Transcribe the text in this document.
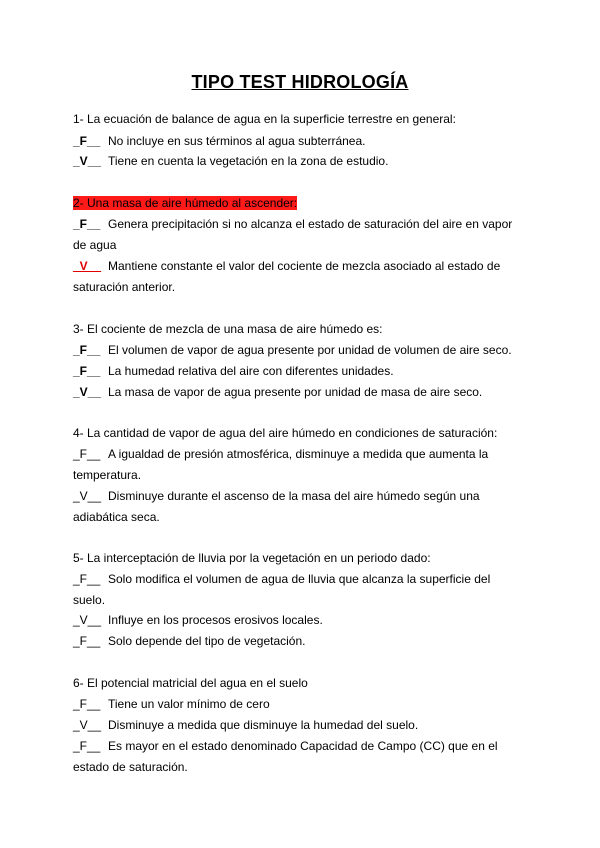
TIPO TEST HIDROLOGÍA
1- La ecuación de balance de agua en la superficie terrestre en general:
_F__ No incluye en sus términos al agua subterránea.
_V__ Tiene en cuenta la vegetación en la zona de estudio.
2- Una masa de aire húmedo al ascender:
_F__ Genera precipitación si no alcanza el estado de saturación del aire en vapor
de agua
_V__ Mantiene constante el valor del cociente de mezcla asociado al estado de
saturación anterior.
3- El cociente de mezcla de una masa de aire húmedo es:
_F__ El volumen de vapor de agua presente por unidad de volumen de aire seco.
_F__ La humedad relativa del aire con diferentes unidades.
_V__ La masa de vapor de agua presente por unidad de masa de aire seco.
4- La cantidad de vapor de agua del aire húmedo en condiciones de saturación:
_F__ A igualdad de presión atmosférica, disminuye a medida que aumenta la
temperatura.
_V__ Disminuye durante el ascenso de la masa del aire húmedo según una
adiabática seca.
5- La interceptación de lluvia por la vegetación en un periodo dado:
_F__ Solo modifica el volumen de agua de lluvia que alcanza la superficie del
suelo.
_V__ Influye en los procesos erosivos locales.
_F__ Solo depende del tipo de vegetación.
6- El potencial matricial del agua en el suelo
_F__ Tiene un valor mínimo de cero
_V__ Disminuye a medida que disminuye la humedad del suelo.
_F__ Es mayor en el estado denominado Capacidad de Campo (CC) que en el
estado de saturación.
